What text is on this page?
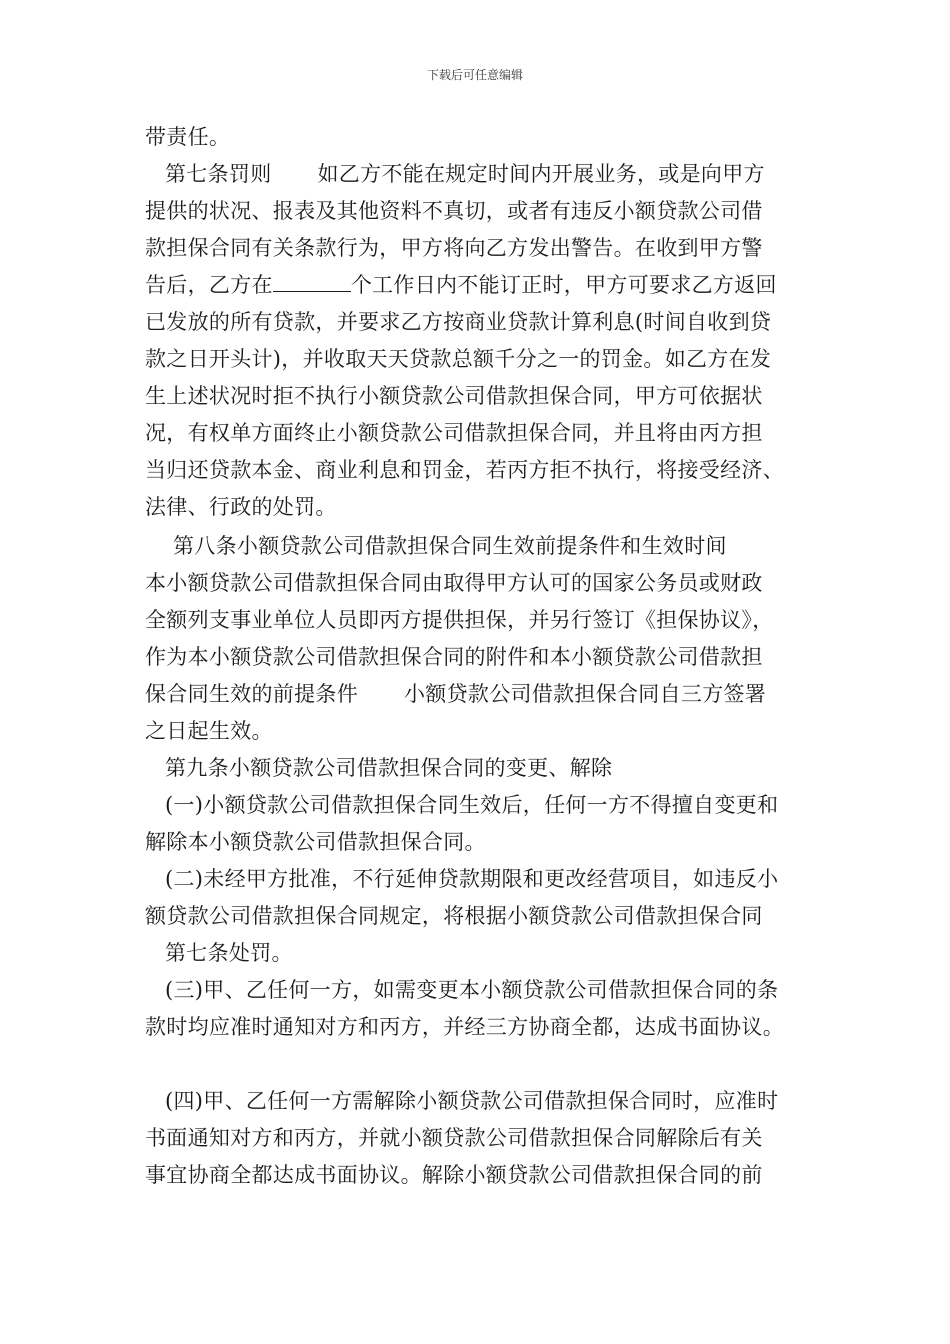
下载后可任意编辑
带责任。
第七条罚则 如乙方不能在规定时间内开展业务，或是向甲方
提供的状况、报表及其他资料不真切，或者有违反小额贷款公司借
款担保合同有关条款行为，甲方将向乙方发出警告。在收到甲方警
告后，乙方在	个工作日内不能订正时，甲方可要求乙方返回
已发放的所有贷款，并要求乙方按商业贷款计算利息(时间自收到贷
款之日开头计)，并收取天天贷款总额千分之一的罚金。如乙方在发
生上述状况时拒不执行小额贷款公司借款担保合同，甲方可依据状
况，有权单方面终止小额贷款公司借款担保合同，并且将由丙方担
当归还贷款本金、商业利息和罚金，若丙方拒不执行，将接受经济、
法律、行政的处罚。
第八条小额贷款公司借款担保合同生效前提条件和生效时间
本小额贷款公司借款担保合同由取得甲方认可的国家公务员或财政
全额列支事业单位人员即丙方提供担保，并另行签订《担保协议》，
作为本小额贷款公司借款担保合同的附件和本小额贷款公司借款担
保合同生效的前提条件 小额贷款公司借款担保合同自三方签署
之日起生效。
第九条小额贷款公司借款担保合同的变更、解除
(一)小额贷款公司借款担保合同生效后，任何一方不得擅自变更和
解除本小额贷款公司借款担保合同。
(二)未经甲方批准，不行延伸贷款期限和更改经营项目，如违反小
额贷款公司借款担保合同规定，将根据小额贷款公司借款担保合同
第七条处罚。
(三)甲、乙任何一方，如需变更本小额贷款公司借款担保合同的条
款时均应准时通知对方和丙方，并经三方协商全都，达成书面协议。
(四)甲、乙任何一方需解除小额贷款公司借款担保合同时，应准时
书面通知对方和丙方，并就小额贷款公司借款担保合同解除后有关
事宜协商全都达成书面协议。解除小额贷款公司借款担保合同的前
